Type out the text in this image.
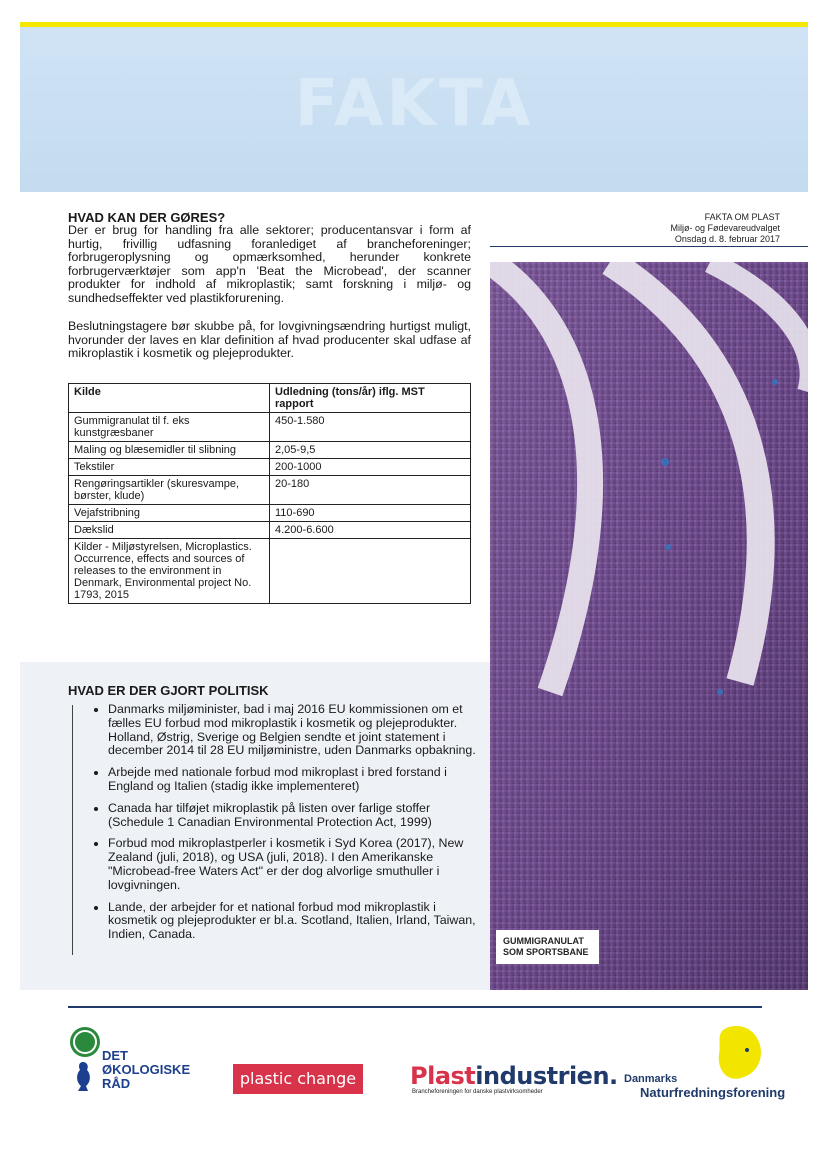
FAKTA
FAKTA OM PLAST
Miljø- og Fødevareudvalget
Onsdag d. 8. februar 2017
HVAD KAN DER GØRES?

Der er brug for handling fra alle sektorer; producentansvar i form af hurtig, frivillig udfasning foranlediget af brancheforeninger; forbrugeroplysning og opmærksomhed, herunder konkrete forbrugerværktøjer som app'n 'Beat the Microbead', der scanner produkter for indhold af mikroplastik; samt forskning i miljø- og sundhedseffekter ved plastikforurening.

Beslutningstagere bør skubbe på, for lovgivningsændring hurtigst muligt, hvorunder der laves en klar definition af hvad producenter skal udfase af mikroplastik i kosmetik og plejeprodukter.

Kilde	Udledning (tons/år) iflg. MST rapport
Gummigranulat til f. eks kunstgræsbaner	450-1.580
Maling og blæsemidler til slibning	2,05-9,5
Tekstiler	200-1000
Rengøringsartikler (skuresvampe, børster, klude)	20-180
Vejafstribning	110-690
Dækslid	4.200-6.600
Kilder - Miljøstyrelsen, Microplastics. Occurrence, effects and sources of releases to the environment in Denmark, Environmental project No. 1793, 2015	
GUMMIGRANULAT SOM SPORTSBANE
HVAD ER DER GJORT POLITISK
• Danmarks miljøminister, bad i maj 2016 EU kommissionen om et fælles EU forbud mod mikroplastik i kosmetik og plejeprodukter. Holland, Østrig, Sverige og Belgien sendte et joint statement i december 2014 til 28 EU miljøministre, uden Danmarks opbakning.
• Arbejde med nationale forbud mod mikroplast i bred forstand i England og Italien (stadig ikke implementeret)
• Canada har tilføjet mikroplastik på listen over farlige stoffer (Schedule 1 Canadian Environmental Protection Act, 1999)
• Forbud mod mikroplastperler i kosmetik i Syd Korea (2017), New Zealand (juli, 2018), og USA (juli, 2018). I den Amerikanske "Microbead-free Waters Act" er der dog alvorlige smuthuller i lovgivningen.
• Lande, der arbejder for et national forbud mod mikroplastik i kosmetik og plejeprodukter er bl.a. Scotland, Italien, Irland, Taiwan, Indien, Canada.
DET
ØKOLOGISKE
RÅD	plastic change Plastindustrien.
Brancheforeningen for danske plastvirksomheder
Danmarks
Naturfredningsforening
